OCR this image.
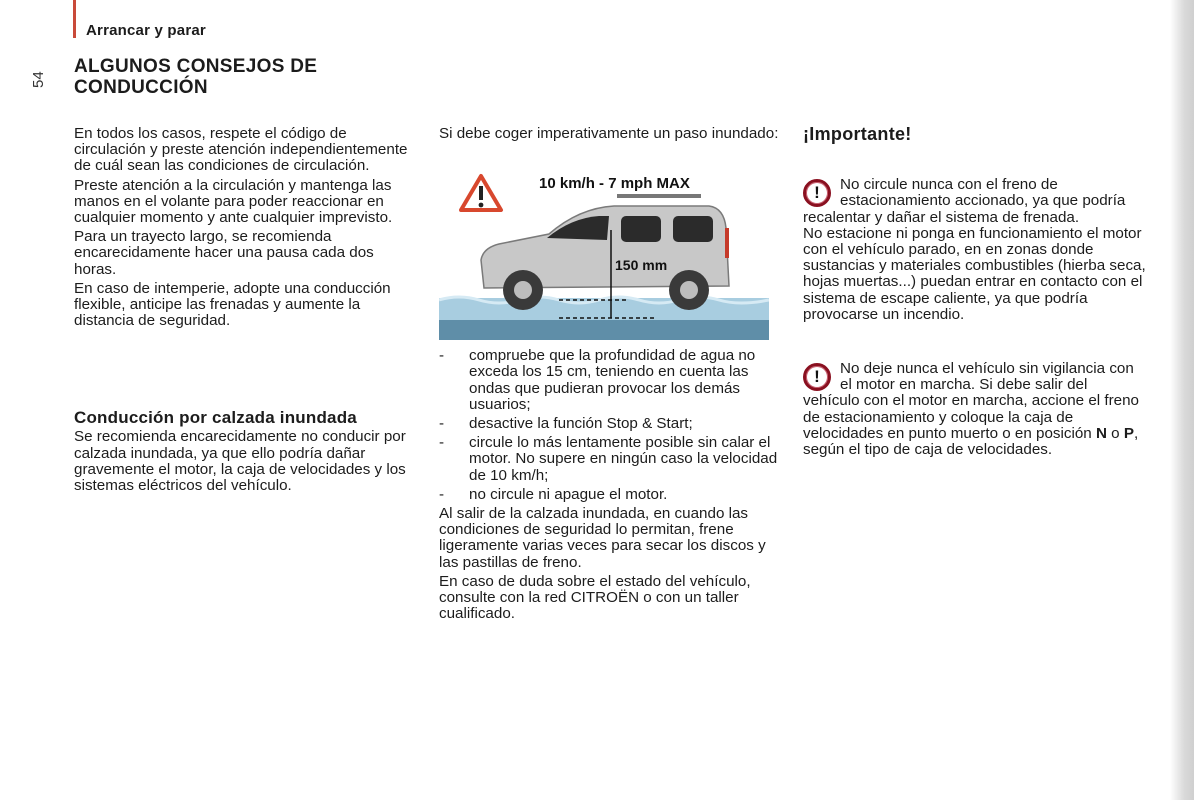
Arrancar y parar
54
ALGUNOS CONSEJOS DE
CONDUCCIÓN

En todos los casos, respete el código de circulación y preste atención independientemente de cuál sean las condiciones de circulación.

Preste atención a la circulación y mantenga las manos en el volante para poder reaccionar en cualquier momento y ante cualquier imprevisto.

Para un trayecto largo, se recomienda encarecidamente hacer una pausa cada dos horas.

En caso de intemperie, adopte una conducción flexible, anticipe las frenadas y aumente la distancia de seguridad.

Conducción por calzada inundada

Se recomienda encarecidamente no conducir por calzada inundada, ya que ello podría dañar gravemente el motor, la caja de velocidades y los sistemas eléctricos del vehículo.

Si debe coger imperativamente un paso inundado:

10 km/h - 7 mph MAX
150 mm
- compruebe que la profundidad de agua no exceda los 15 cm, teniendo en cuenta las ondas que pudieran provocar los demás usuarios;
- desactive la función Stop & Start;
- circule lo más lentamente posible sin calar el motor. No supere en ningún caso la velocidad de 10 km/h;
- no circule ni apague el motor.

Al salir de la calzada inundada, en cuando las condiciones de seguridad lo permitan, frene ligeramente varias veces para secar los discos y las pastillas de freno.

En caso de duda sobre el estado del vehículo, consulte con la red CITROËN o con un taller cualificado.

¡Importante!
!	No circule nunca con el freno de estacionamiento accionado, ya que podría recalentar y dañar el sistema de frenada.

No estacione ni ponga en funcionamiento el motor con el vehículo parado, en en zonas donde sustancias y materiales combustibles (hierba seca, hojas muertas...) puedan entrar en contacto con el sistema de escape caliente, ya que podría provocarse un incendio.

!	No deje nunca el vehículo sin vigilancia con el motor en marcha. Si debe salir del vehículo con el motor en marcha, accione el freno de estacionamiento y coloque la caja de velocidades en punto muerto o en posición N o P, según el tipo de caja de velocidades.
